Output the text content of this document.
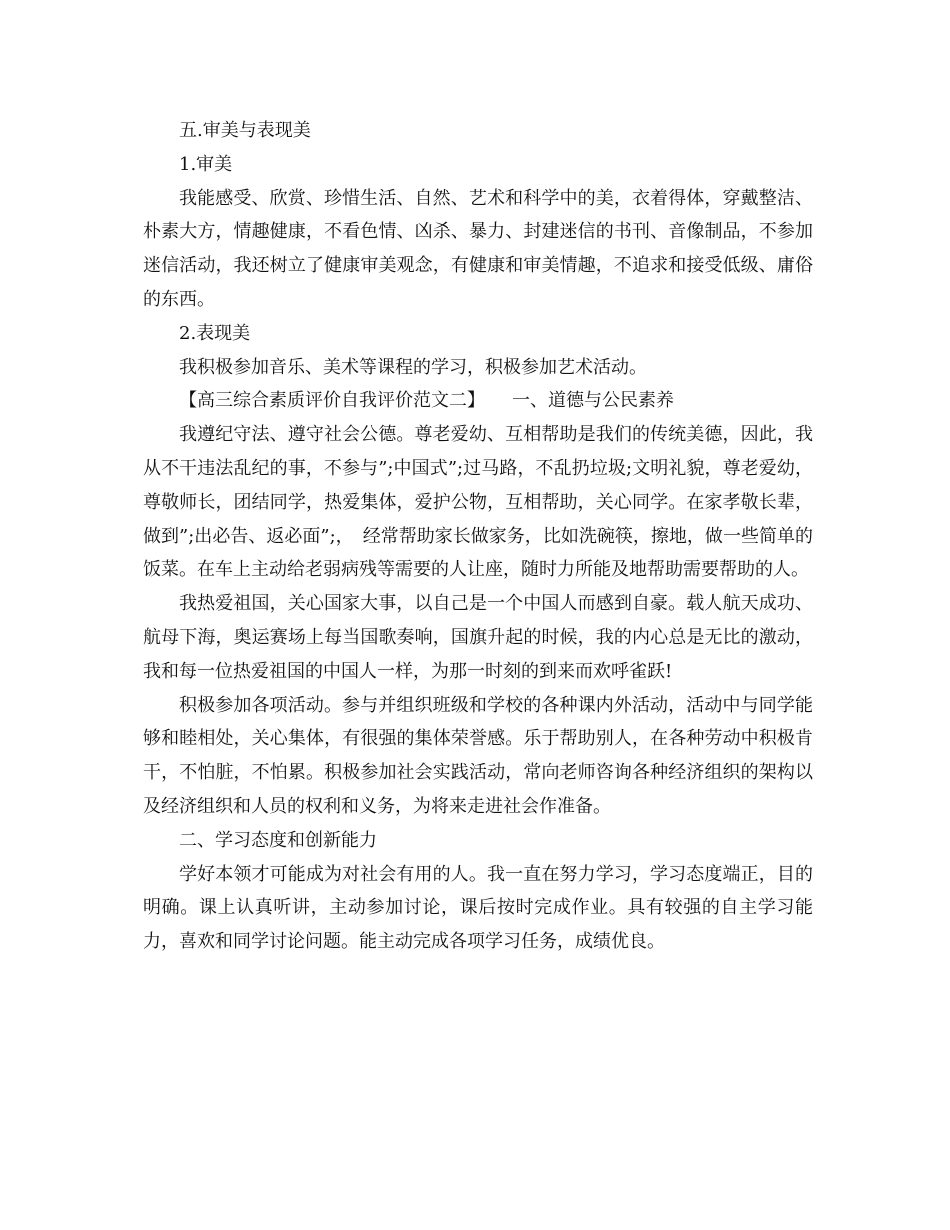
五.审美与表现美

1.审美

我能感受、欣赏、珍惜生活、自然、艺术和科学中的美，衣着得体，穿戴整洁、朴素大方，情趣健康，不看色情、凶杀、暴力、封建迷信的书刊、音像制品，不参加迷信活动，我还树立了健康审美观念，有健康和审美情趣，不追求和接受低级、庸俗的东西。

2.表现美

我积极参加音乐、美术等课程的学习，积极参加艺术活动。

【高三综合素质评价自我评价范文二】　　一、道德与公民素养

我遵纪守法、遵守社会公德。尊老爱幼、互相帮助是我们的传统美德，因此，我从不干违法乱纪的事，不参与”;中国式”;过马路，不乱扔垃圾;文明礼貌，尊老爱幼，尊敬师长，团结同学，热爱集体，爱护公物，互相帮助，关心同学。在家孝敬长辈，做到”;出必告、返必面”;，　经常帮助家长做家务，比如洗碗筷，擦地，做一些简单的饭菜。在车上主动给老弱病残等需要的人让座，随时力所能及地帮助需要帮助的人。

我热爱祖国，关心国家大事，以自己是一个中国人而感到自豪。载人航天成功、航母下海，奥运赛场上每当国歌奏响，国旗升起的时候，我的内心总是无比的激动，我和每一位热爱祖国的中国人一样，为那一时刻的到来而欢呼雀跃!

积极参加各项活动。参与并组织班级和学校的各种课内外活动，活动中与同学能够和睦相处，关心集体，有很强的集体荣誉感。乐于帮助别人，在各种劳动中积极肯干，不怕脏，不怕累。积极参加社会实践活动，常向老师咨询各种经济组织的架构以及经济组织和人员的权利和义务，为将来走进社会作准备。

二、学习态度和创新能力

学好本领才可能成为对社会有用的人。我一直在努力学习，学习态度端正，目的明确。课上认真听讲，主动参加讨论，课后按时完成作业。具有较强的自主学习能力，喜欢和同学讨论问题。能主动完成各项学习任务，成绩优良。
